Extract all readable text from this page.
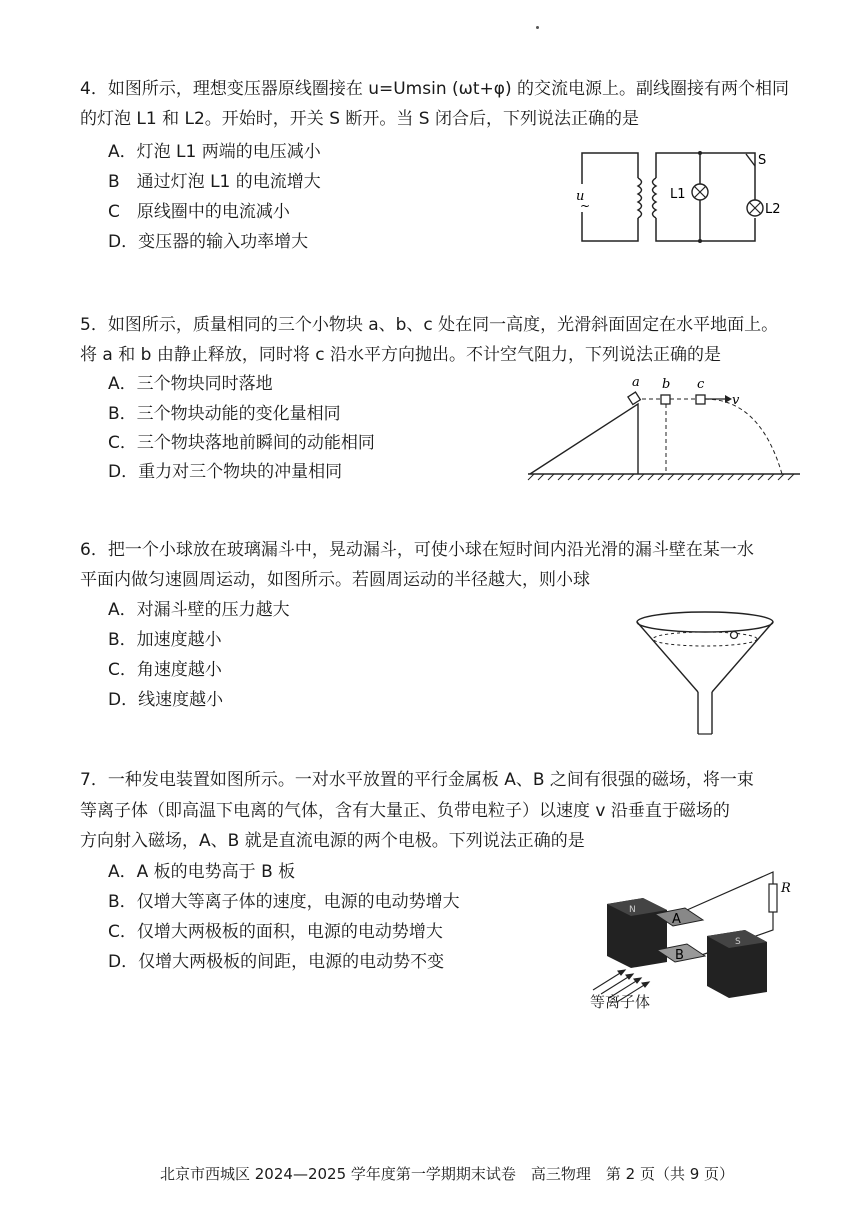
4．如图所示，理想变压器原线圈接在 u=Umsin (ωt+φ) 的交流电源上。副线圈接有两个相同
的灯泡 L1 和 L2。开始时，开关 S 断开。当 S 闭合后，下列说法正确的是
A．灯泡 L1 两端的电压减小
B　通过灯泡 L1 的电流增大
C　原线圈中的电流减小
D．变压器的输入功率增大
u
~
L1
S
L2
5．如图所示，质量相同的三个小物块 a、b、c 处在同一高度，光滑斜面固定在水平地面上。
将 a 和 b 由静止释放，同时将 c 沿水平方向抛出。不计空气阻力，下列说法正确的是
A．三个物块同时落地
B．三个物块动能的变化量相同
C．三个物块落地前瞬间的动能相同
D．重力对三个物块的冲量相同
a b c
v
6．把一个小球放在玻璃漏斗中，晃动漏斗，可使小球在短时间内沿光滑的漏斗壁在某一水
平面内做匀速圆周运动，如图所示。若圆周运动的半径越大，则小球
A．对漏斗壁的压力越大
B．加速度越小
C．角速度越小
D．线速度越小
7．一种发电装置如图所示。一对水平放置的平行金属板 A、B 之间有很强的磁场，将一束
等离子体（即高温下电离的气体，含有大量正、负带电粒子）以速度 v 沿垂直于磁场的
方向射入磁场，A、B 就是直流电源的两个电极。下列说法正确的是
A．A 板的电势高于 B 板
B．仅增大等离子体的速度，电源的电动势增大
C．仅增大两极板的面积，电源的电动势增大
D．仅增大两极板的间距，电源的电动势不变
R
N
S
A
B
等离子体
北京市西城区 2024—2025 学年度第一学期期末试卷　高三物理　第 2 页（共 9 页）
